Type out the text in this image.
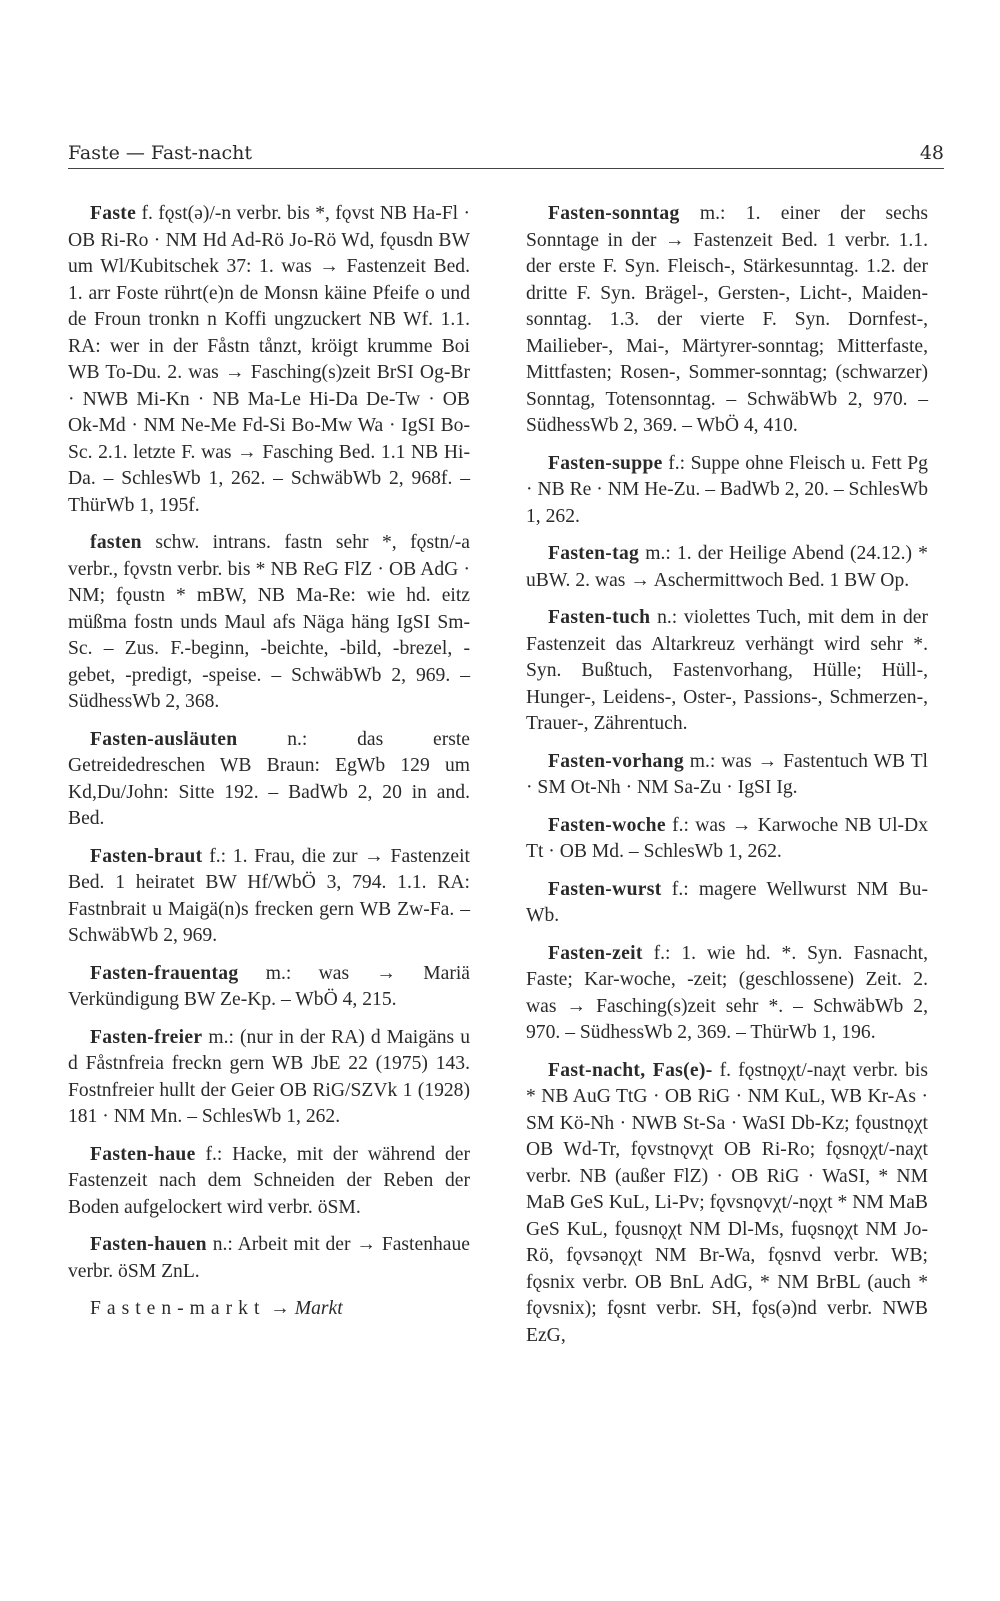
Faste — Fast-nacht	48

Faste f. fǫst(ə)/-n verbr. bis *, fǫvst NB Ha-Fl · OB Ri-Ro · NM Hd Ad-Rö Jo-Rö Wd, fǫusdn BW um Wl/Kubitschek 37: 1. was → Fastenzeit Bed. 1. arr Foste rührt(e)n de Monsn käine Pfeife o und de Froun tronkn n Koffi ungzuckert NB Wf. 1.1. RA: wer in der Fåstn tånzt, kröigt krumme Boi WB To-Du. 2. was → Fasching(s)zeit BrSI Og-Br · NWB Mi-Kn · NB Ma-Le Hi-Da De-Tw · OB Ok-Md · NM Ne-Me Fd-Si Bo-Mw Wa · IgSI Bo-Sc. 2.1. letzte F. was → Fasching Bed. 1.1 NB Hi-Da. – SchlesWb 1, 262. – SchwäbWb 2, 968f. – ThürWb 1, 195f.

fasten schw. intrans. fastn sehr *, fǫstn/-a verbr., fǫvstn verbr. bis * NB ReG FlZ · OB AdG · NM; fǫustn * mBW, NB Ma-Re: wie hd. eitz müßma fostn unds Maul afs Näga häng IgSI Sm-Sc. – Zus. F.-beginn, -beichte, -bild, -brezel, -gebet, -predigt, -speise. – SchwäbWb 2, 969. – SüdhessWb 2, 368.

Fasten-ausläuten	n.: das erste Getreidedreschen WB Braun: EgWb 129 um Kd,Du/John: Sitte 192. – BadWb 2, 20 in and. Bed.

Fasten-braut f.: 1. Frau, die zur → Fastenzeit Bed. 1 heiratet BW Hf/WbÖ 3, 794. 1.1. RA: Fastnbrait u Maigä(n)s frecken gern WB Zw-Fa. – SchwäbWb 2, 969.

Fasten-frauentag m.: was → Mariä Verkündigung BW Ze-Kp. – WbÖ 4, 215.

Fasten-freier m.: (nur in der RA) d Maigäns u d Fåstnfreia freckn gern WB JbE 22 (1975) 143. Fostnfreier hullt der Geier OB RiG/SZVk 1 (1928) 181 · NM Mn. – SchlesWb 1, 262.

Fasten-haue f.: Hacke, mit der während der Fastenzeit nach dem Schneiden der Reben der Boden aufgelockert wird verbr. öSM.

Fasten-hauen n.: Arbeit mit der → Fastenhaue verbr. öSM ZnL.

Fasten-markt → Markt

Fasten-sonntag m.: 1. einer der sechs Sonntage in der → Fastenzeit Bed. 1 verbr. 1.1. der erste F. Syn. Fleisch-, Stärkesunntag. 1.2. der dritte F. Syn. Brägel-, Gersten-, Licht-, Maiden-sonntag. 1.3. der vierte F. Syn. Dornfest-, Mailieber-, Mai-, Märtyrer-sonntag; Mitterfaste, Mittfasten; Rosen-, Sommer-sonntag; (schwarzer) Sonntag, Totensonntag. – SchwäbWb 2, 970. – SüdhessWb 2, 369. – WbÖ 4, 410.

Fasten-suppe f.: Suppe ohne Fleisch u. Fett Pg · NB Re · NM He-Zu. – BadWb 2, 20. – SchlesWb 1, 262.

Fasten-tag m.: 1. der Heilige Abend (24.12.) * uBW. 2. was → Aschermittwoch Bed. 1 BW Op.

Fasten-tuch n.: violettes Tuch, mit dem in der Fastenzeit das Altarkreuz verhängt wird sehr *. Syn. Bußtuch, Fastenvorhang, Hülle; Hüll-, Hunger-, Leidens-, Oster-, Passions-, Schmerzen-, Trauer-, Zährentuch.

Fasten-vorhang m.: was → Fastentuch WB Tl · SM Ot-Nh · NM Sa-Zu · IgSI Ig.

Fasten-woche f.: was → Karwoche NB Ul-Dx Tt · OB Md. – SchlesWb 1, 262.

Fasten-wurst f.: magere Wellwurst NM Bu-Wb.

Fasten-zeit f.: 1. wie hd. *. Syn. Fasnacht, Faste; Kar-woche, -zeit; (geschlossene) Zeit. 2. was → Fasching(s)zeit sehr *. – SchwäbWb 2, 970. – SüdhessWb 2, 369. – ThürWb 1, 196.

Fast-nacht, Fas(e)- f. fǫstnǫχt/-naχt verbr. bis * NB AuG TtG · OB RiG · NM KuL, WB Kr-As · SM Kö-Nh · NWB St-Sa · WaSI Db-Kz; fǫustnǫχt OB Wd-Tr, fǫvstnǫvχt OB Ri-Ro; fǫsnǫχt/-naχt verbr. NB (außer FlZ) · OB RiG · WaSI, * NM MaB GeS KuL, Li-Pv; fǫvsnǫvχt/-nǫχt * NM MaB GeS KuL, fǫusnǫχt NM Dl-Ms, fuǫsnǫχt NM Jo-Rö, fǫvsənǫχt NM Br-Wa, fǫsnvd verbr. WB; fǫsnix verbr. OB BnL AdG, * NM BrBL (auch * fǫvsnix); fǫsnt verbr. SH, fǫs(ə)nd verbr. NWB EzG,
